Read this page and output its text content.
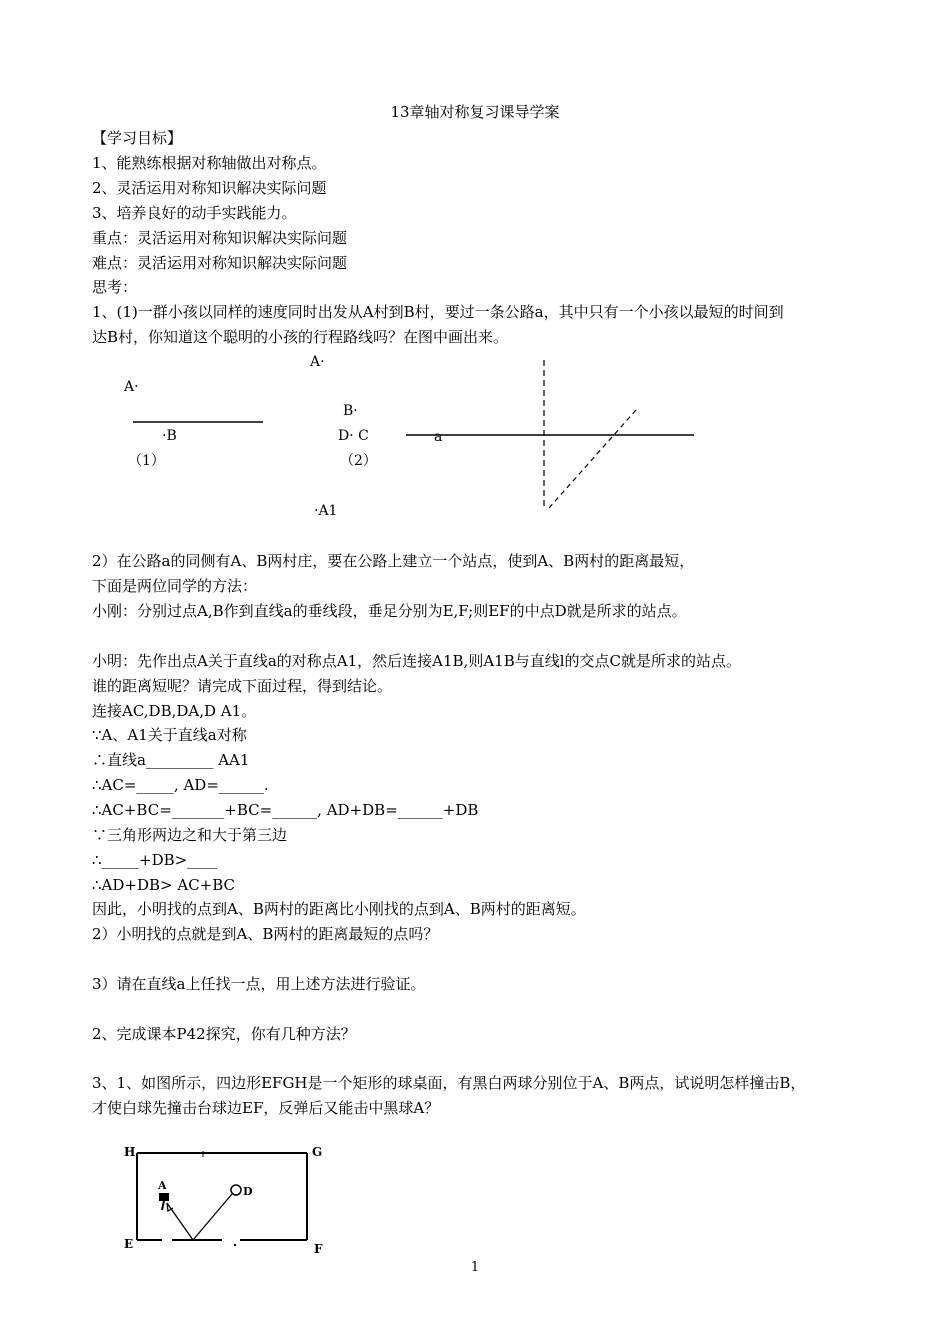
13章轴对称复习课导学案
【学习目标】
1、能熟练根据对称轴做出对称点。
2、灵活运用对称知识解决实际问题
3、培养良好的动手实践能力。
重点：灵活运用对称知识解决实际问题
难点：灵活运用对称知识解决实际问题
思考：
1、(1)一群小孩以同样的速度同时出发从A村到B村，要过一条公路a，其中只有一个小孩以最短的时间到
达B村，你知道这个聪明的小孩的行程路线吗？在图中画出来。
A·
·B
（1）
A·
B·
D· C	a
（2）
·A1
2）在公路a的同侧有A、B两村庄，要在公路上建立一个站点，使到A、B两村的距离最短，
下面是两位同学的方法：
小刚：分别过点A,B作到直线a的垂线段，垂足分别为E,F;则EF的中点D就是所求的站点。
小明：先作出点A关于直线a的对称点A1，然后连接A1B,则A1B与直线l的交点C就是所求的站点。
谁的距离短呢？请完成下面过程，得到结论。
连接AC,DB,DA,D A1。
∵A、A1关于直线a对称
∴直线a_________ AA1
∴AC=_____, AD=______.
∴AC+BC=_______+BC=______, AD+DB=______+DB
∵三角形两边之和大于第三边
∴_____+DB>____
∴AD+DB> AC+BC
因此，小明找的点到A、B两村的距离比小刚找的点到A、B两村的距离短。
2）小明找的点就是到A、B两村的距离最短的点吗？
3）请在直线a上任找一点，用上述方法进行验证。
2、完成课本P42探究，你有几种方法？
3、1、如图所示，四边形EFGH是一个矩形的球桌面，有黑白两球分别位于A、B两点，试说明怎样撞击B，
才使白球先撞击台球边EF，反弹后又能击中黑球A？
H	G
E	F
A	D
1
